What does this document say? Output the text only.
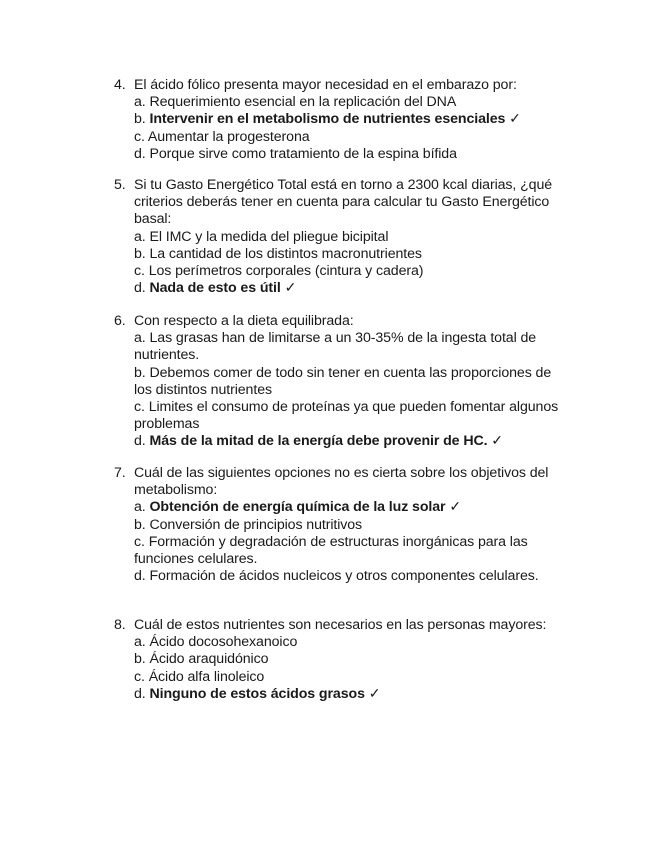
4. El ácido fólico presenta mayor necesidad en el embarazo por:
a. Requerimiento esencial en la replicación del DNA
b. Intervenir en el metabolismo de nutrientes esenciales ✓
c. Aumentar la progesterona
d. Porque sirve como tratamiento de la espina bífida
5. Si tu Gasto Energético Total está en torno a 2300 kcal diarias, ¿qué criterios deberás tener en cuenta para calcular tu Gasto Energético basal:
a. El IMC y la medida del pliegue bicipital
b. La cantidad de los distintos macronutrientes
c. Los perímetros corporales (cintura y cadera)
d. Nada de esto es útil ✓
6. Con respecto a la dieta equilibrada:
a. Las grasas han de limitarse a un 30-35% de la ingesta total de nutrientes.
b. Debemos comer de todo sin tener en cuenta las proporciones de los distintos nutrientes
c. Limites el consumo de proteínas ya que pueden fomentar algunos problemas
d. Más de la mitad de la energía debe provenir de HC. ✓
7. Cuál de las siguientes opciones no es cierta sobre los objetivos del metabolismo:
a. Obtención de energía química de la luz solar ✓
b. Conversión de principios nutritivos
c. Formación y degradación de estructuras inorgánicas para las funciones celulares.
d. Formación de ácidos nucleicos y otros componentes celulares.
8. Cuál de estos nutrientes son necesarios en las personas mayores:
a. Ácido docosohexanoico
b. Ácido araquidónico
c. Ácido alfa linoleico
d. Ninguno de estos ácidos grasos ✓
